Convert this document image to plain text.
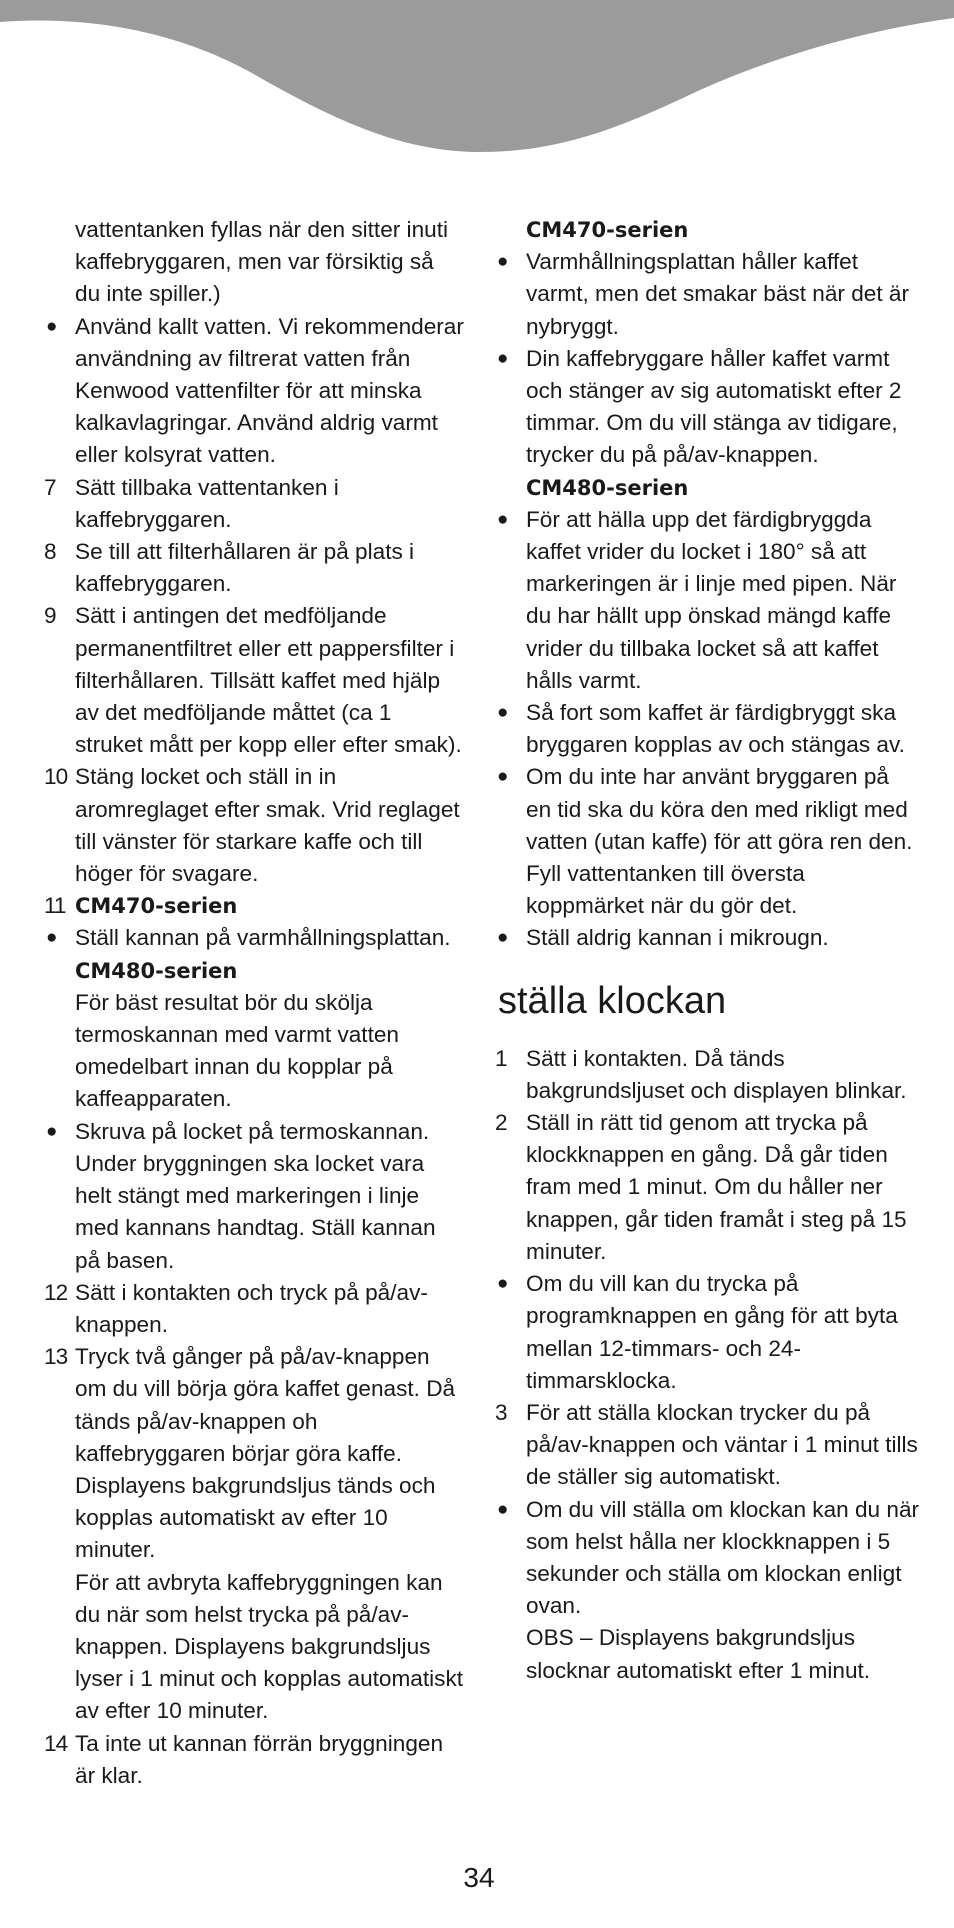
vattentanken fyllas när den sitter inuti kaffebryggaren, men var försiktig så du inte spiller.)
● Använd kallt vatten. Vi rekommenderar användning av filtrerat vatten från Kenwood vattenfilter för att minska kalkavlagringar. Använd aldrig varmt eller kolsyrat vatten.
7 Sätt tillbaka vattentanken i kaffebryggaren.
8 Se till att filterhållaren är på plats i kaffebryggaren.
9 Sätt i antingen det medföljande permanentfiltret eller ett pappersfilter i filterhållaren. Tillsätt kaffet med hjälp av det medföljande måttet (ca 1 struket mått per kopp eller efter smak).
10 Stäng locket och ställ in in aromreglaget efter smak. Vrid reglaget till vänster för starkare kaffe och till höger för svagare.
11 CM470-serien
● Ställ kannan på varmhållningsplattan.
CM480-serien
För bäst resultat bör du skölja termoskannan med varmt vatten omedelbart innan du kopplar på kaffeapparaten.
● Skruva på locket på termoskannan. Under bryggningen ska locket vara helt stängt med markeringen i linje med kannans handtag. Ställ kannan på basen.
12 Sätt i kontakten och tryck på på/av-knappen.
13 Tryck två gånger på på/av-knappen om du vill börja göra kaffet genast. Då tänds på/av-knappen oh kaffebryggaren börjar göra kaffe. Displayens bakgrundsljus tänds och kopplas automatiskt av efter 10 minuter.
För att avbryta kaffebryggningen kan du när som helst trycka på på/av-knappen. Displayens bakgrundsljus lyser i 1 minut och kopplas automatiskt av efter 10 minuter.
14 Ta inte ut kannan förrän bryggningen är klar.
CM470-serien
● Varmhållningsplattan håller kaffet varmt, men det smakar bäst när det är nybryggt.
● Din kaffebryggare håller kaffet varmt och stänger av sig automatiskt efter 2 timmar. Om du vill stänga av tidigare, trycker du på på/av-knappen.
CM480-serien
● För att hälla upp det färdigbryggda kaffet vrider du locket i 180° så att markeringen är i linje med pipen. När du har hällt upp önskad mängd kaffe vrider du tillbaka locket så att kaffet hålls varmt.
● Så fort som kaffet är färdigbryggt ska bryggaren kopplas av och stängas av.
● Om du inte har använt bryggaren på en tid ska du köra den med rikligt med vatten (utan kaffe) för att göra ren den. Fyll vattentanken till översta koppmärket när du gör det.
● Ställ aldrig kannan i mikrougn.
ställa klockan
1 Sätt i kontakten. Då tänds bakgrundsljuset och displayen blinkar.
2 Ställ in rätt tid genom att trycka på klockknappen en gång. Då går tiden fram med 1 minut. Om du håller ner knappen, går tiden framåt i steg på 15 minuter.
● Om du vill kan du trycka på programknappen en gång för att byta mellan 12-timmars- och 24-timmarsklocka.
3 För att ställa klockan trycker du på på/av-knappen och väntar i 1 minut tills de ställer sig automatiskt.
● Om du vill ställa om klockan kan du när som helst hålla ner klockknappen i 5 sekunder och ställa om klockan enligt ovan.
OBS – Displayens bakgrundsljus slocknar automatiskt efter 1 minut.
34
